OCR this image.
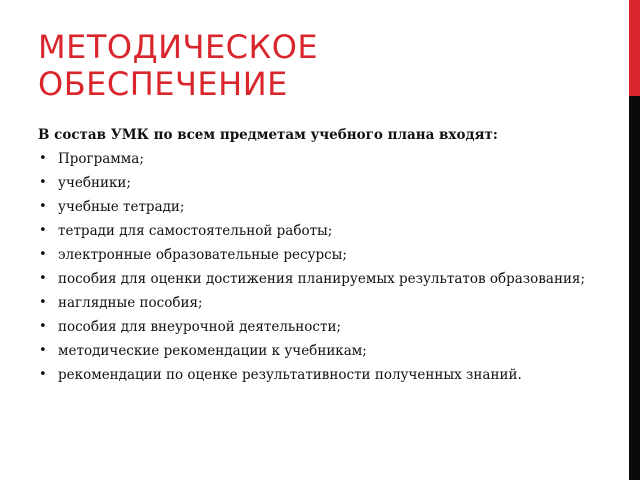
МЕТОДИЧЕСКОЕ
ОБЕСПЕЧЕНИЕ

В состав УМК по всем предметам учебного плана входят:

• Программа;
• учебники;
• учебные тетради;
• тетради для самостоятельной работы;
• электронные образовательные ресурсы;
• пособия для оценки достижения планируемых результатов образования;
• наглядные пособия;
• пособия для внеурочной деятельности;
• методические рекомендации к учебникам;
• рекомендации по оценке результативности полученных знаний.
